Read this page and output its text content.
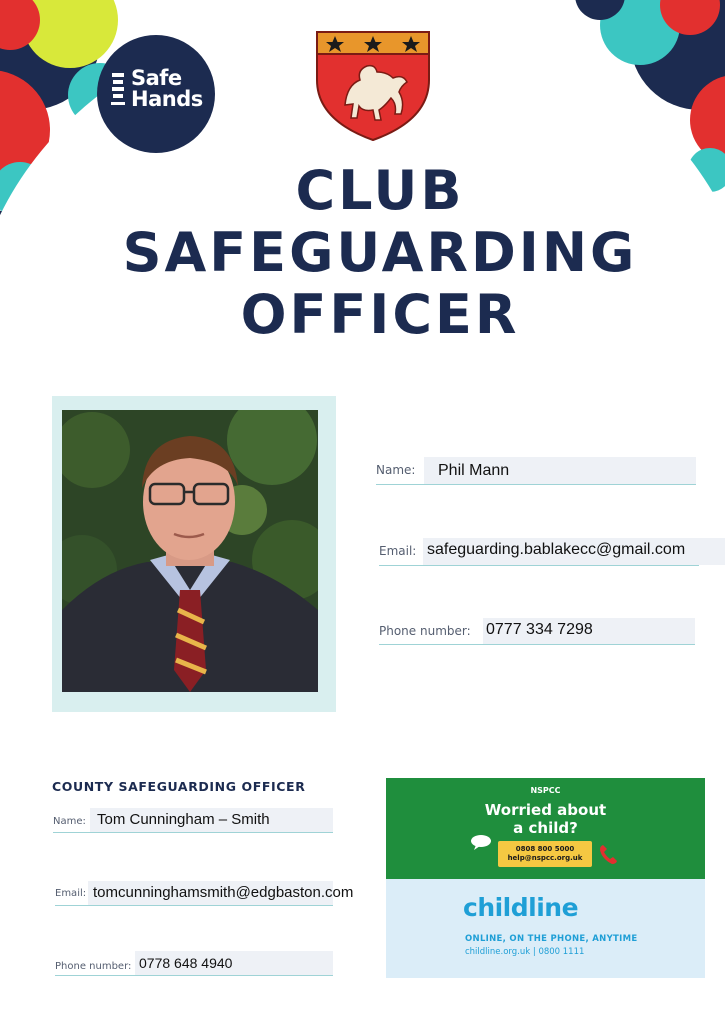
Safe
Hands
CLUB
SAFEGUARDING
OFFICER
Name: Phil Mann
Email: safeguarding.bablakecc@gmail.com
Phone number: 0777 334 7298
COUNTY SAFEGUARDING OFFICER
Name: Tom Cunningham – Smith
Email: tomcunninghamsmith@edgbaston.com
Phone number: 0778 648 4940
NSPCC
Worried about
a child?
0808 800 5000
help@nspcc.org.uk
childline
ONLINE, ON THE PHONE, ANYTIME
childline.org.uk | 0800 1111
